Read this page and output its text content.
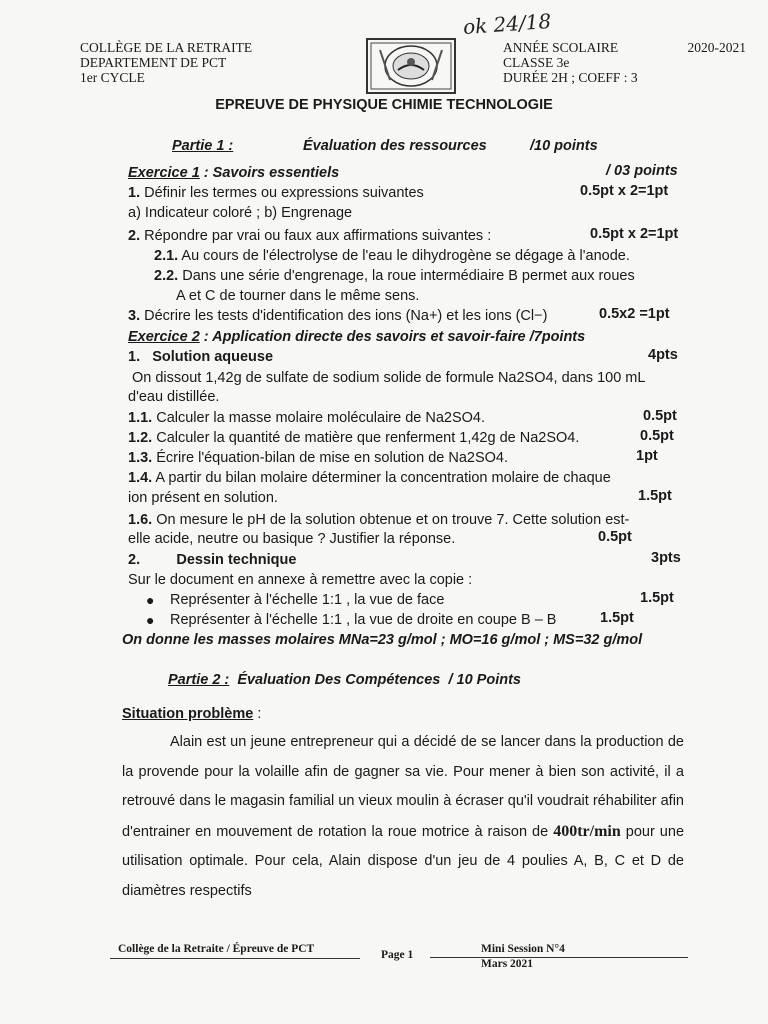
ok 24/18
COLLÈGE DE LA RETRAITE
DEPARTEMENT DE PCT
1er CYCLE
ANNÉE SCOLAIRE	2020-2021
CLASSE 3e
DURÉE 2H ; COEFF : 3
EPREUVE DE PHYSIQUE CHIMIE TECHNOLOGIE
Partie 1 :	Évaluation des ressources	/10 points
Exercice 1 : Savoirs essentiels	/ 03 points
1. Définir les termes ou expressions suivantes	0.5pt x 2=1pt
a) Indicateur coloré ; b) Engrenage
2. Répondre par vrai ou faux aux affirmations suivantes :	0.5pt x 2=1pt
2.1. Au cours de l'électrolyse de l'eau le dihydrogène se dégage à l'anode.
2.2. Dans une série d'engrenage, la roue intermédiaire B permet aux roues
A et C de tourner dans le même sens.
3. Décrire les tests d'identification des ions (Na+) et les ions (Cl−)	0.5x2 =1pt
Exercice 2 : Application directe des savoirs et savoir-faire /7points
1. Solution aqueuse	4pts
On dissout 1,42g de sulfate de sodium solide de formule Na2SO4, dans 100 mL
d'eau distillée.
1.1. Calculer la masse molaire moléculaire de Na2SO4.	0.5pt
1.2. Calculer la quantité de matière que renferment 1,42g de Na2SO4.	0.5pt
1.3. Écrire l'équation-bilan de mise en solution de Na2SO4.	1pt
1.4. A partir du bilan molaire déterminer la concentration molaire de chaque
ion présent en solution.	1.5pt
1.6. On mesure le pH de la solution obtenue et on trouve 7. Cette solution est-
elle acide, neutre ou basique ? Justifier la réponse.	0.5pt
2.	Dessin technique	3pts
Sur le document en annexe à remettre avec la copie :
● Représenter à l'échelle 1:1 , la vue de face	1.5pt
● Représenter à l'échelle 1:1 , la vue de droite en coupe B – B	1.5pt
On donne les masses molaires MNa=23 g/mol ; MO=16 g/mol ; MS=32 g/mol
Partie 2 : Évaluation Des Compétences / 10 Points
Situation problème :
Alain est un jeune entrepreneur qui a décidé de se lancer dans la production de la provende pour la volaille afin de gagner sa vie. Pour mener à bien son activité, il a retrouvé dans le magasin familial un vieux moulin à écraser qu'il voudrait réhabiliter afin d'entrainer en mouvement de rotation la roue motrice à raison de 400tr/min pour une utilisation optimale. Pour cela, Alain dispose d'un jeu de 4 poulies A, B, C et D de diamètres respectifs
Collège de la Retraite / Épreuve de PCT	Page 1	Mini Session N°4
Mars 2021
